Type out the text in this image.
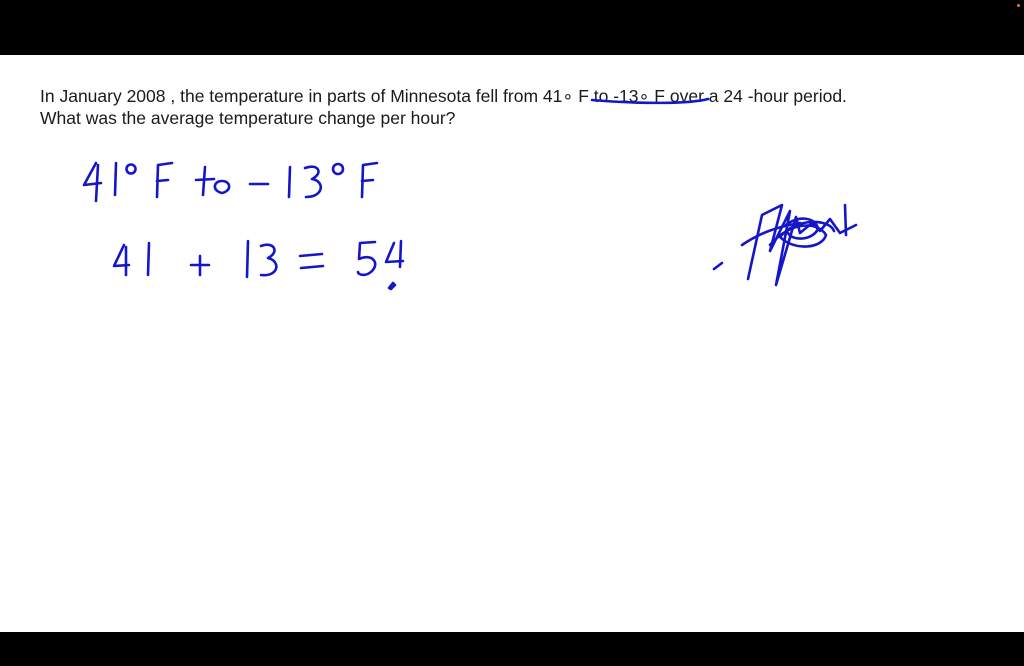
In January 2008 , the temperature in parts of Minnesota fell from 41∘ F to -13∘ F over a 24 -hour period.
What was the average temperature change per hour?
